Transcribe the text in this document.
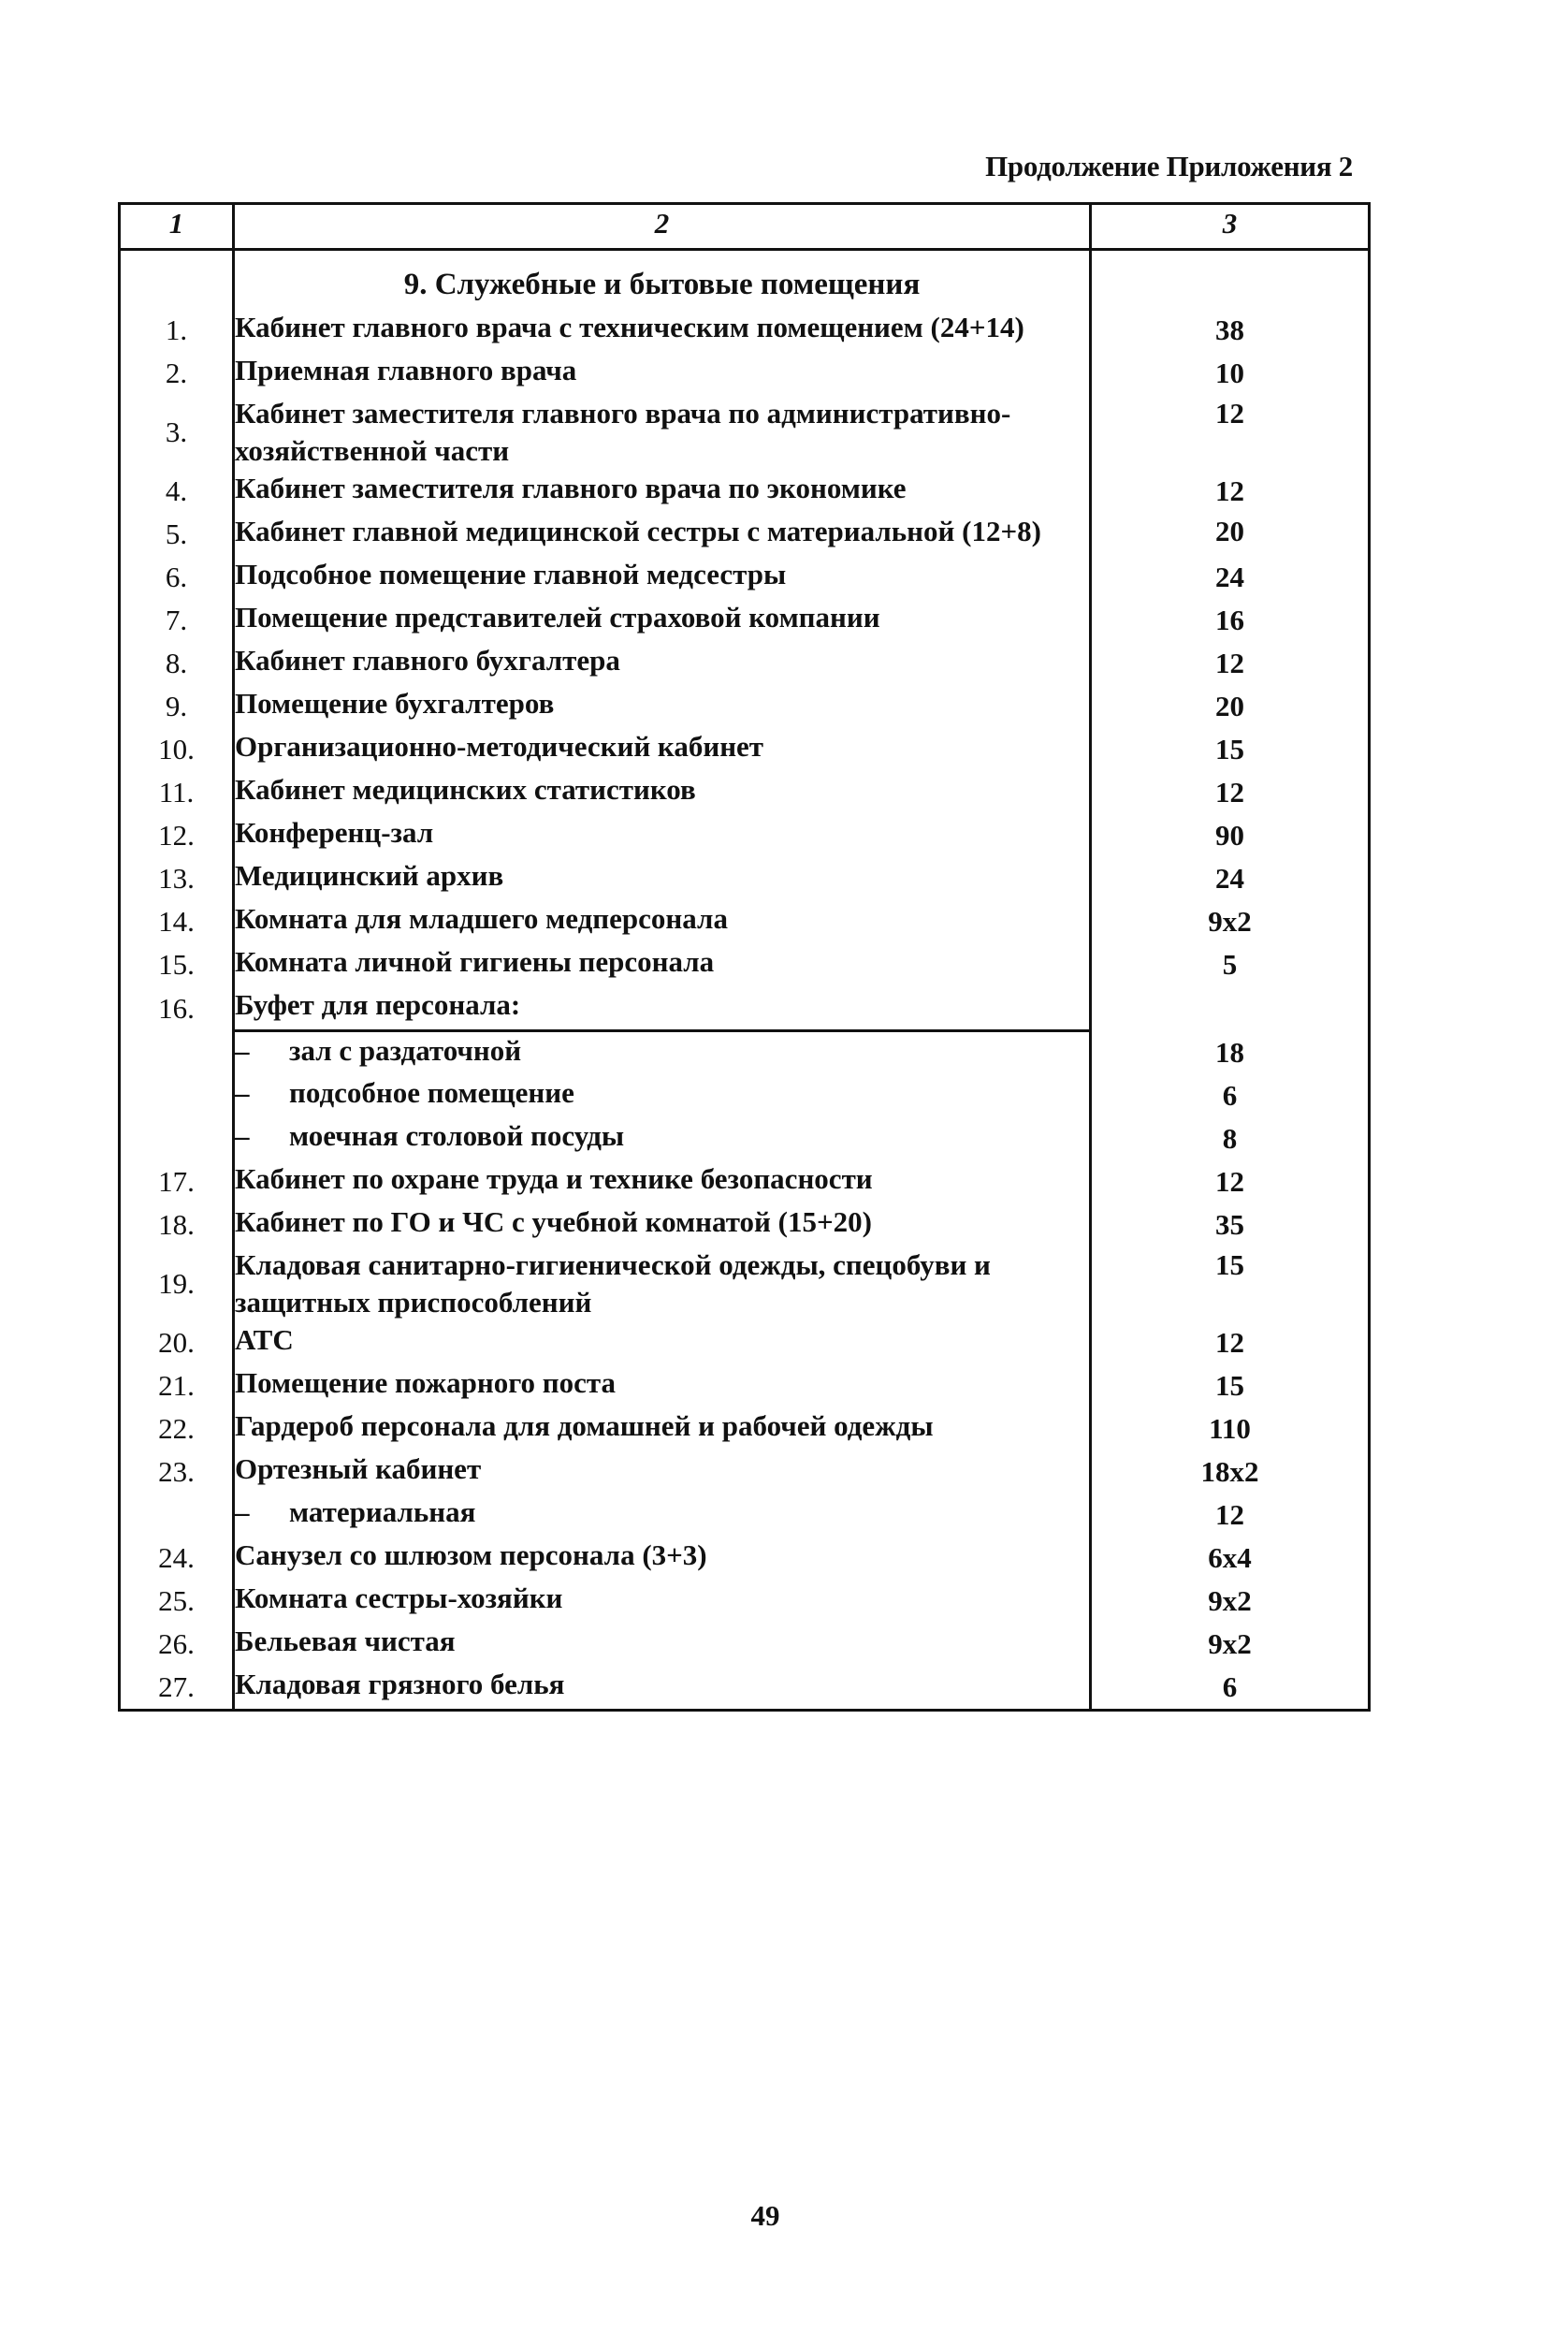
Продолжение Приложения 2
1	2	3
	9. Служебные и бытовые помещения	
1.	Кабинет главного врача с техническим помещением (24+14)	38
2.	Приемная главного врача	10
3.	Кабинет заместителя главного врача по административно-хозяйственной части	12
4.	Кабинет заместителя главного врача по экономике	12
5.	Кабинет главной медицинской сестры с материальной (12+8)	20
6.	Подсобное помещение главной медсестры	24
7.	Помещение представителей страховой компании	16
8.	Кабинет главного бухгалтера	12
9.	Помещение бухгалтеров	20
10.	Организационно-методический кабинет	15
11.	Кабинет медицинских статистиков	12
12.	Конференц-зал	90
13.	Медицинский архив	24
14.	Комната для младшего медперсонала	9x2
15.	Комната личной гигиены персонала	5
16.	Буфет для персонала:	
	– зал с раздаточной	18
	– подсобное помещение	6
	– моечная столовой посуды	8
17.	Кабинет по охране труда и технике безопасности	12
18.	Кабинет по ГО и ЧС с учебной комнатой (15+20)	35
19.	Кладовая санитарно-гигиенической одежды, спецобуви и защитных приспособлений	15
20.	АТС	12
21.	Помещение пожарного поста	15
22.	Гардероб персонала для домашней и рабочей одежды	110
23.	Ортезный кабинет	18x2
	– материальная	12
24.	Санузел со шлюзом персонала (3+3)	6x4
25.	Комната сестры-хозяйки	9x2
26.	Бельевая чистая	9x2
27.	Кладовая грязного белья	6
49
